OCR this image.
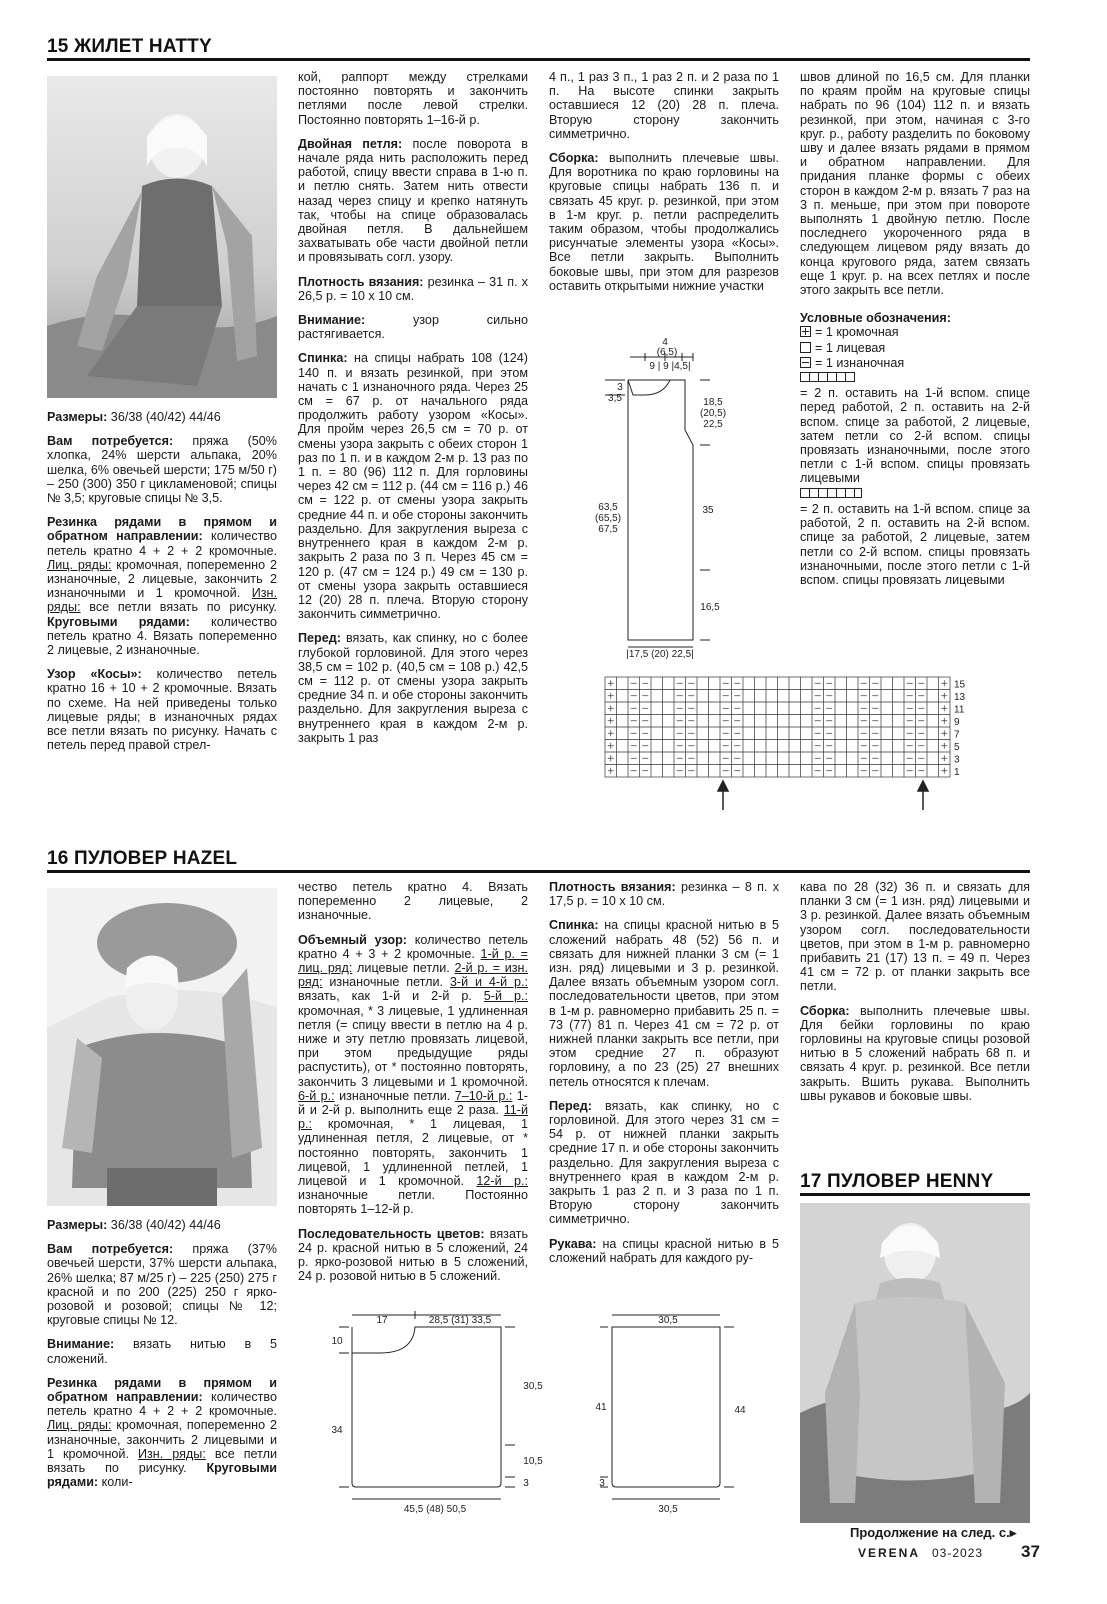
15 ЖИЛЕТ HATTY

Размеры: 36/38 (40/42) 44/46

Вам потребуется: пряжа (50% хлопка, 24% шерсти альпака, 20% шелка, 6% овечьей шерсти; 175 м/50 г) – 250 (300) 350 г цикламеновой; спицы № 3,5; круговые спицы № 3,5.

Резинка рядами в прямом и обратном направлении: количество петель кратно 4 + 2 + 2 кромочные. Лиц. ряды: кромочная, попеременно 2 изнаночные, 2 лицевые, закончить 2 изнаночными и 1 кромочной. Изн. ряды: все петли вязать по рисунку. Круговыми рядами: количество петель кратно 4. Вязать попеременно 2 лицевые, 2 изнаночные.

Узор «Косы»: количество петель кратно 16 + 10 + 2 кромочные. Вязать по схеме. На ней приведены только лицевые ряды; в изнаночных рядах все петли вязать по рисунку. Начать с петель перед правой стрел-

кой, раппорт между стрелками постоянно повторять и закончить петлями после левой стрелки. Постоянно повторять 1–16-й р.

Двойная петля: после поворота в начале ряда нить расположить перед работой, спицу ввести справа в 1-ю п. и петлю снять. Затем нить отвести назад через спицу и крепко натянуть так, чтобы на спице образовалась двойная петля. В дальнейшем захватывать обе части двойной петли и провязывать согл. узору.

Плотность вязания: резинка – 31 п. х 26,5 р. = 10 х 10 см.

Внимание: узор сильно растягивается.

Спинка: на спицы набрать 108 (124) 140 п. и вязать резинкой, при этом начать с 1 изнаночного ряда. Через 25 см = 67 р. от начального ряда продолжить работу узором «Косы». Для пройм через 26,5 см = 70 р. от смены узора закрыть с обеих сторон 1 раз по 1 п. и в каждом 2-м р. 13 раз по 1 п. = 80 (96) 112 п. Для горловины через 42 см = 112 р. (44 см = 116 р.) 46 см = 122 р. от смены узора закрыть средние 44 п. и обе стороны закончить раздельно. Для закругления выреза с внутреннего края в каждом 2-м р. закрыть 2 раза по 3 п. Через 45 см = 120 р. (47 см = 124 р.) 49 см = 130 р. от смены узора закрыть оставшиеся 12 (20) 28 п. плеча. Вторую сторону закончить симметрично.

Перед: вязать, как спинку, но с более глубокой горловиной. Для этого через 38,5 см = 102 р. (40,5 см = 108 р.) 42,5 см = 112 р. от смены узора закрыть средние 34 п. и обе стороны закончить раздельно. Для закругления выреза с внутреннего края в каждом 2-м р. закрыть 1 раз

4 п., 1 раз 3 п., 1 раз 2 п. и 2 раза по 1 п. На высоте спинки закрыть оставшиеся 12 (20) 28 п. плеча. Вторую сторону закончить симметрично.

Сборка: выполнить плечевые швы. Для воротника по краю горловины на круговые спицы набрать 136 п. и связать 45 круг. р. резинкой, при этом в 1-м круг. р. петли распределить таким образом, чтобы продолжались рисунчатые элементы узора «Косы». Все петли закрыть. Выполнить боковые швы, при этом для разрезов оставить открытыми нижние участки

швов длиной по 16,5 см. Для планки по краям пройм на круговые спицы набрать по 96 (104) 112 п. и вязать резинкой, при этом, начиная с 3-го круг. р., работу разделить по боковому шву и далее вязать рядами в прямом и обратном направлении. Для придания планке формы с обеих сторон в каждом 2-м р. вязать 7 раз на 3 п. меньше, при этом при повороте выполнять 1 двойную петлю. После последнего укороченного ряда в следующем лицевом ряду вязать до конца кругового ряда, затем связать еще 1 круг. р. на всех петлях и после этого закрыть все петли.

Условные обозначения:
= 1 кромочная
= 1 лицевая
= 1 изнаночная
= 2 п. оставить на 1-й вспом. спице перед работой, 2 п. оставить на 2-й вспом. спице за работой, 2 лицевые, затем петли со 2-й вспом. спицы провязать изнаночными, после этого петли с 1-й вспом. спицы провязать лицевыми
= 2 п. оставить на 1-й вспом. спице за работой, 2 п. оставить на 2-й вспом. спице за работой, 2 лицевые, затем петли со 2-й вспом. спицы провязать изнаночными, после этого петли с 1-й вспом. спицы провязать лицевыми
4
(6,5)
9 | 9 |4,5|
3
3,5	18,5
(20,5)
22,5
35
16,5
63,5
(65,5)
67,5
|17,5 (20) 22,5|
15
13
11
9
7
5
3
1
16 ПУЛОВЕР HAZEL

Размеры: 36/38 (40/42) 44/46

Вам потребуется: пряжа (37% овечьей шерсти, 37% шерсти альпака, 26% шелка; 87 м/25 г) – 225 (250) 275 г красной и по 200 (225) 250 г ярко-розовой и розовой; спицы № 12; круговые спицы № 12.

Внимание: вязать нитью в 5 сложений.

Резинка рядами в прямом и обратном направлении: количество петель кратно 4 + 2 + 2 кромочные. Лиц. ряды: кромочная, попеременно 2 изнаночные, закончить 2 лицевыми и 1 кромочной. Изн. ряды: все петли вязать по рисунку. Круговыми рядами: коли-

чество петель кратно 4. Вязать попеременно 2 лицевые, 2 изнаночные.

Объемный узор: количество петель кратно 4 + 3 + 2 кромочные. 1-й р. = лиц. ряд: лицевые петли. 2-й р. = изн. ряд: изнаночные петли. 3-й и 4-й р.: вязать, как 1-й и 2-й р. 5-й р.: кромочная, * 3 лицевые, 1 удлиненная петля (= спицу ввести в петлю на 4 р. ниже и эту петлю провязать лицевой, при этом предыдущие ряды распустить), от * постоянно повторять, закончить 3 лицевыми и 1 кромочной. 6-й р.: изнаночные петли. 7–10-й р.: 1-й и 2-й р. выполнить еще 2 раза. 11-й р.: кромочная, * 1 лицевая, 1 удлиненная петля, 2 лицевые, от * постоянно повторять, закончить 1 лицевой, 1 удлиненной петлей, 1 лицевой и 1 кромочной. 12-й р.: изнаночные петли. Постоянно повторять 1–12-й р.

Последовательность цветов: вязать 24 р. красной нитью в 5 сложений, 24 р. ярко-розовой нитью в 5 сложений, 24 р. розовой нитью в 5 сложений.

Плотность вязания: резинка – 8 п. х 17,5 р. = 10 х 10 см.

Спинка: на спицы красной нитью в 5 сложений набрать 48 (52) 56 п. и связать для нижней планки 3 см (= 1 изн. ряд) лицевыми и 3 р. резинкой. Далее вязать объемным узором согл. последовательности цветов, при этом в 1-м р. равномерно прибавить 25 п. = 73 (77) 81 п. Через 41 см = 72 р. от нижней планки закрыть все петли, при этом средние 27 п. образуют горловину, а по 23 (25) 27 внешних петель относятся к плечам.

Перед: вязать, как спинку, но с горловиной. Для этого через 31 см = 54 р. от нижней планки закрыть средние 17 п. и обе стороны закончить раздельно. Для закругления выреза с внутреннего края в каждом 2-м р. закрыть 1 раз 2 п. и 3 раза по 1 п. Вторую сторону закончить симметрично.

Рукава: на спицы красной нитью в 5 сложений набрать для каждого ру-

кава по 28 (32) 36 п. и связать для планки 3 см (= 1 изн. ряд) лицевыми и 3 р. резинкой. Далее вязать объемным узором согл. последовательности цветов, при этом в 1-м р. равномерно прибавить 21 (17) 13 п. = 49 п. Через 41 см = 72 р. от планки закрыть все петли.

Сборка: выполнить плечевые швы. Для бейки горловины по краю горловины на круговые спицы розовой нитью в 5 сложений набрать 68 п. и связать 4 круг. р. резинкой. Все петли закрыть. Вшить рукава. Выполнить швы рукавов и боковые швы.

17	28,5 (31) 33,5
10
34
30,5
10,5
3
45,5 (48) 50,5
30,5
41	44
3
30,5
17 ПУЛОВЕР HENNY
Продолжение на след. с.▸
VERENA 03-2023 37
